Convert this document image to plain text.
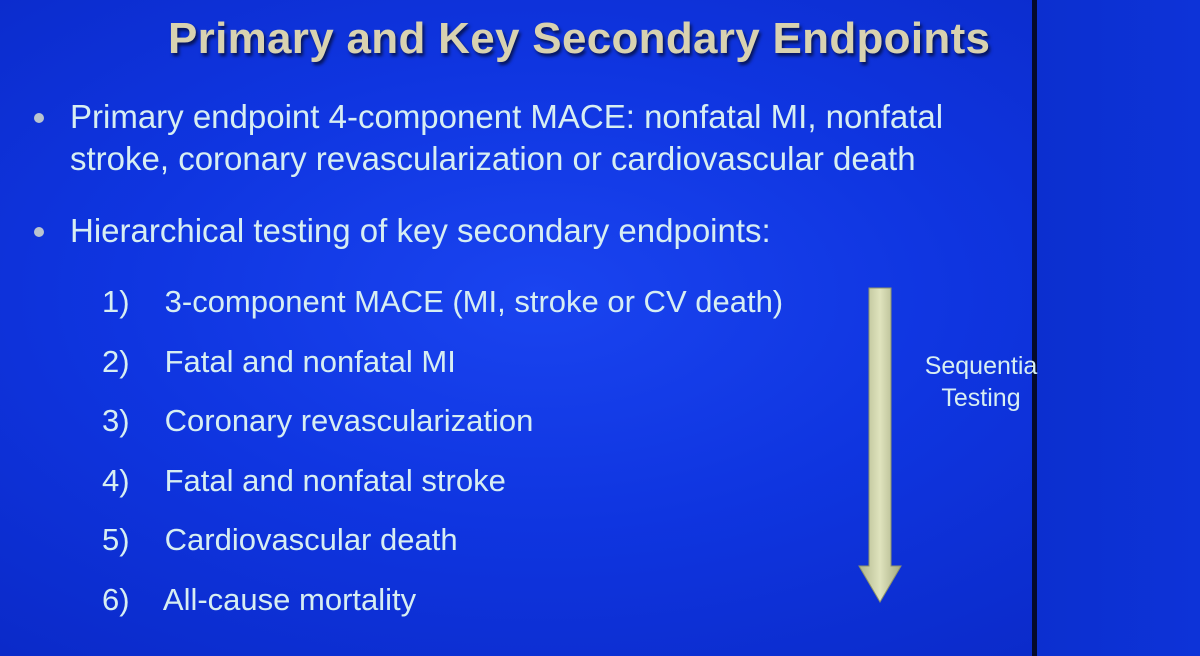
Primary and Key Secondary Endpoints
Primary endpoint 4-component MACE: nonfatal MI, nonfatal stroke, coronary revascularization or cardiovascular death
Hierarchical testing of key secondary endpoints:
1) 3-component MACE (MI, stroke or CV death)
2) Fatal and nonfatal MI
3) Coronary revascularization
4) Fatal and nonfatal stroke
5) Cardiovascular death
6) All-cause mortality
Sequentia
Testing
